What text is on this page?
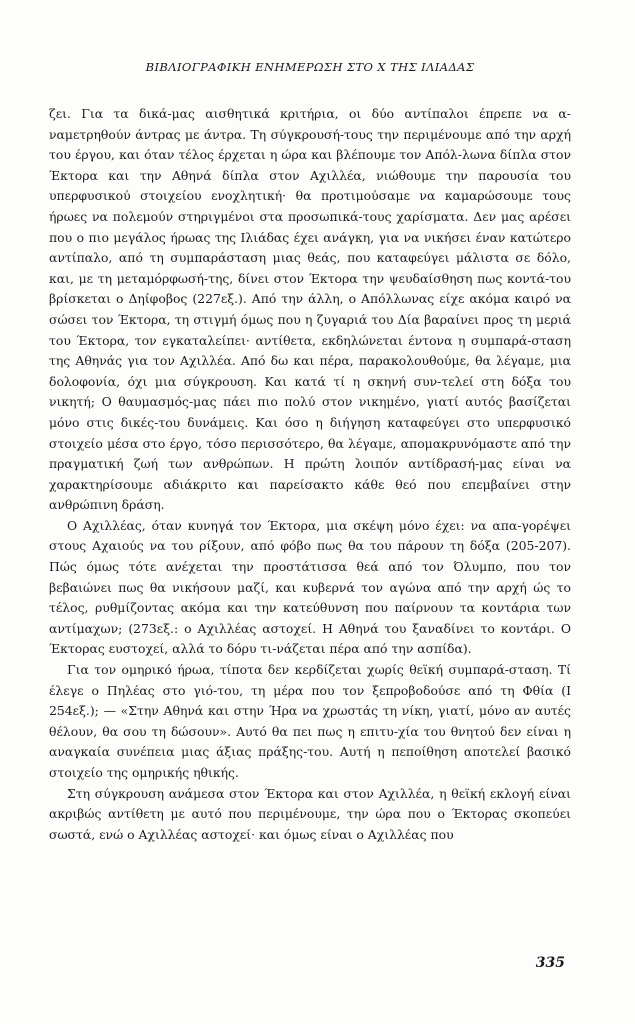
ΒΙΒΛΙΟΓΡΑΦΙΚΗ ΕΝΗΜΕΡΩΣΗ ΣΤΟ Χ ΤΗΣ ΙΛΙΑΔΑΣ

ζει. Για τα δικά-μας αισθητικά κριτήρια, οι δύο αντίπαλοι έπρεπε να α-ναμετρηθούν άντρας με άντρα. Τη σύγκρουσή-τους την περιμένουμε από την αρχή του έργου, και όταν τέλος έρχεται η ώρα και βλέπουμε τον Απόλ-λωνα δίπλα στον Έκτορα και την Αθηνά δίπλα στον Αχιλλέα, νιώθουμε την παρουσία του υπερφυσικού στοιχείου ενοχλητική· θα προτιμούσαμε να καμαρώσουμε τους ήρωες να πολεμούν στηριγμένοι στα προσωπικά-τους χαρίσματα. Δεν μας αρέσει που ο πιο μεγάλος ήρωας της Ιλιάδας έχει ανάγκη, για να νικήσει έναν κατώτερο αντίπαλο, από τη συμπαράσταση μιας θεάς, που καταφεύγει μάλιστα σε δόλο, και, με τη μεταμόρφωσή-της, δίνει στον Έκτορα την ψευδαίσθηση πως κοντά-του βρίσκεται ο Δηίφοβος (227εξ.). Από την άλλη, ο Απόλλωνας είχε ακόμα καιρό να σώσει τον Έκτορα, τη στιγμή όμως που η ζυγαριά του Δία βαραίνει προς τη μεριά του Έκτορα, τον εγκαταλείπει· αντίθετα, εκδηλώνεται έντονα η συμπαρά-σταση της Αθηνάς για τον Αχιλλέα. Από δω και πέρα, παρακολουθούμε, θα λέγαμε, μια δολοφονία, όχι μια σύγκρουση. Και κατά τί η σκηνή συν-τελεί στη δόξα του νικητή; Ο θαυμασμός-μας πάει πιο πολύ στον νικημένο, γιατί αυτός βασίζεται μόνο στις δικές-του δυνάμεις. Και όσο η διήγηση καταφεύγει στο υπερφυσικό στοιχείο μέσα στο έργο, τόσο περισσότερο, θα λέγαμε, απομακρυνόμαστε από την πραγματική ζωή των ανθρώπων. Η πρώτη λοιπόν αντίδρασή-μας είναι να χαρακτηρίσουμε αδιάκριτο και παρείσακτο κάθε θεό που επεμβαίνει στην ανθρώπινη δράση.

Ο Αχιλλέας, όταν κυνηγά τον Έκτορα, μια σκέψη μόνο έχει: να απα-γορέψει στους Αχαιούς να του ρίξουν, από φόβο πως θα του πάρουν τη δόξα (205-207). Πώς όμως τότε ανέχεται την προστάτισσα θεά από τον Όλυμπο, που τον βεβαιώνει πως θα νικήσουν μαζί, και κυβερνά τον αγώνα από την αρχή ώς το τέλος, ρυθμίζοντας ακόμα και την κατεύθυνση που παίρνουν τα κοντάρια των αντίμαχων; (273εξ.: ο Αχιλλέας αστοχεί. Η Αθηνά του ξαναδίνει το κοντάρι. Ο Έκτορας ευστοχεί, αλλά το δόρυ τι-νάζεται πέρα από την ασπίδα).

Για τον ομηρικό ήρωα, τίποτα δεν κερδίζεται χωρίς θεϊκή συμπαρά-σταση. Τί έλεγε ο Πηλέας στο γιό-του, τη μέρα που τον ξεπροβοδούσε από τη Φθία (Ι 254εξ.); — «Στην Αθηνά και στην Ήρα να χρωστάς τη νίκη, γιατί, μόνο αν αυτές θέλουν, θα σου τη δώσουν». Αυτό θα πει πως η επιτυ-χία του θνητού δεν είναι η αναγκαία συνέπεια μιας άξιας πράξης-του. Αυτή η πεποίθηση αποτελεί βασικό στοιχείο της ομηρικής ηθικής.

Στη σύγκρουση ανάμεσα στον Έκτορα και στον Αχιλλέα, η θεϊκή εκλογή είναι ακριβώς αντίθετη με αυτό που περιμένουμε, την ώρα που ο Έκτορας σκοπεύει σωστά, ενώ ο Αχιλλέας αστοχεί· και όμως είναι ο Αχιλλέας που

335
